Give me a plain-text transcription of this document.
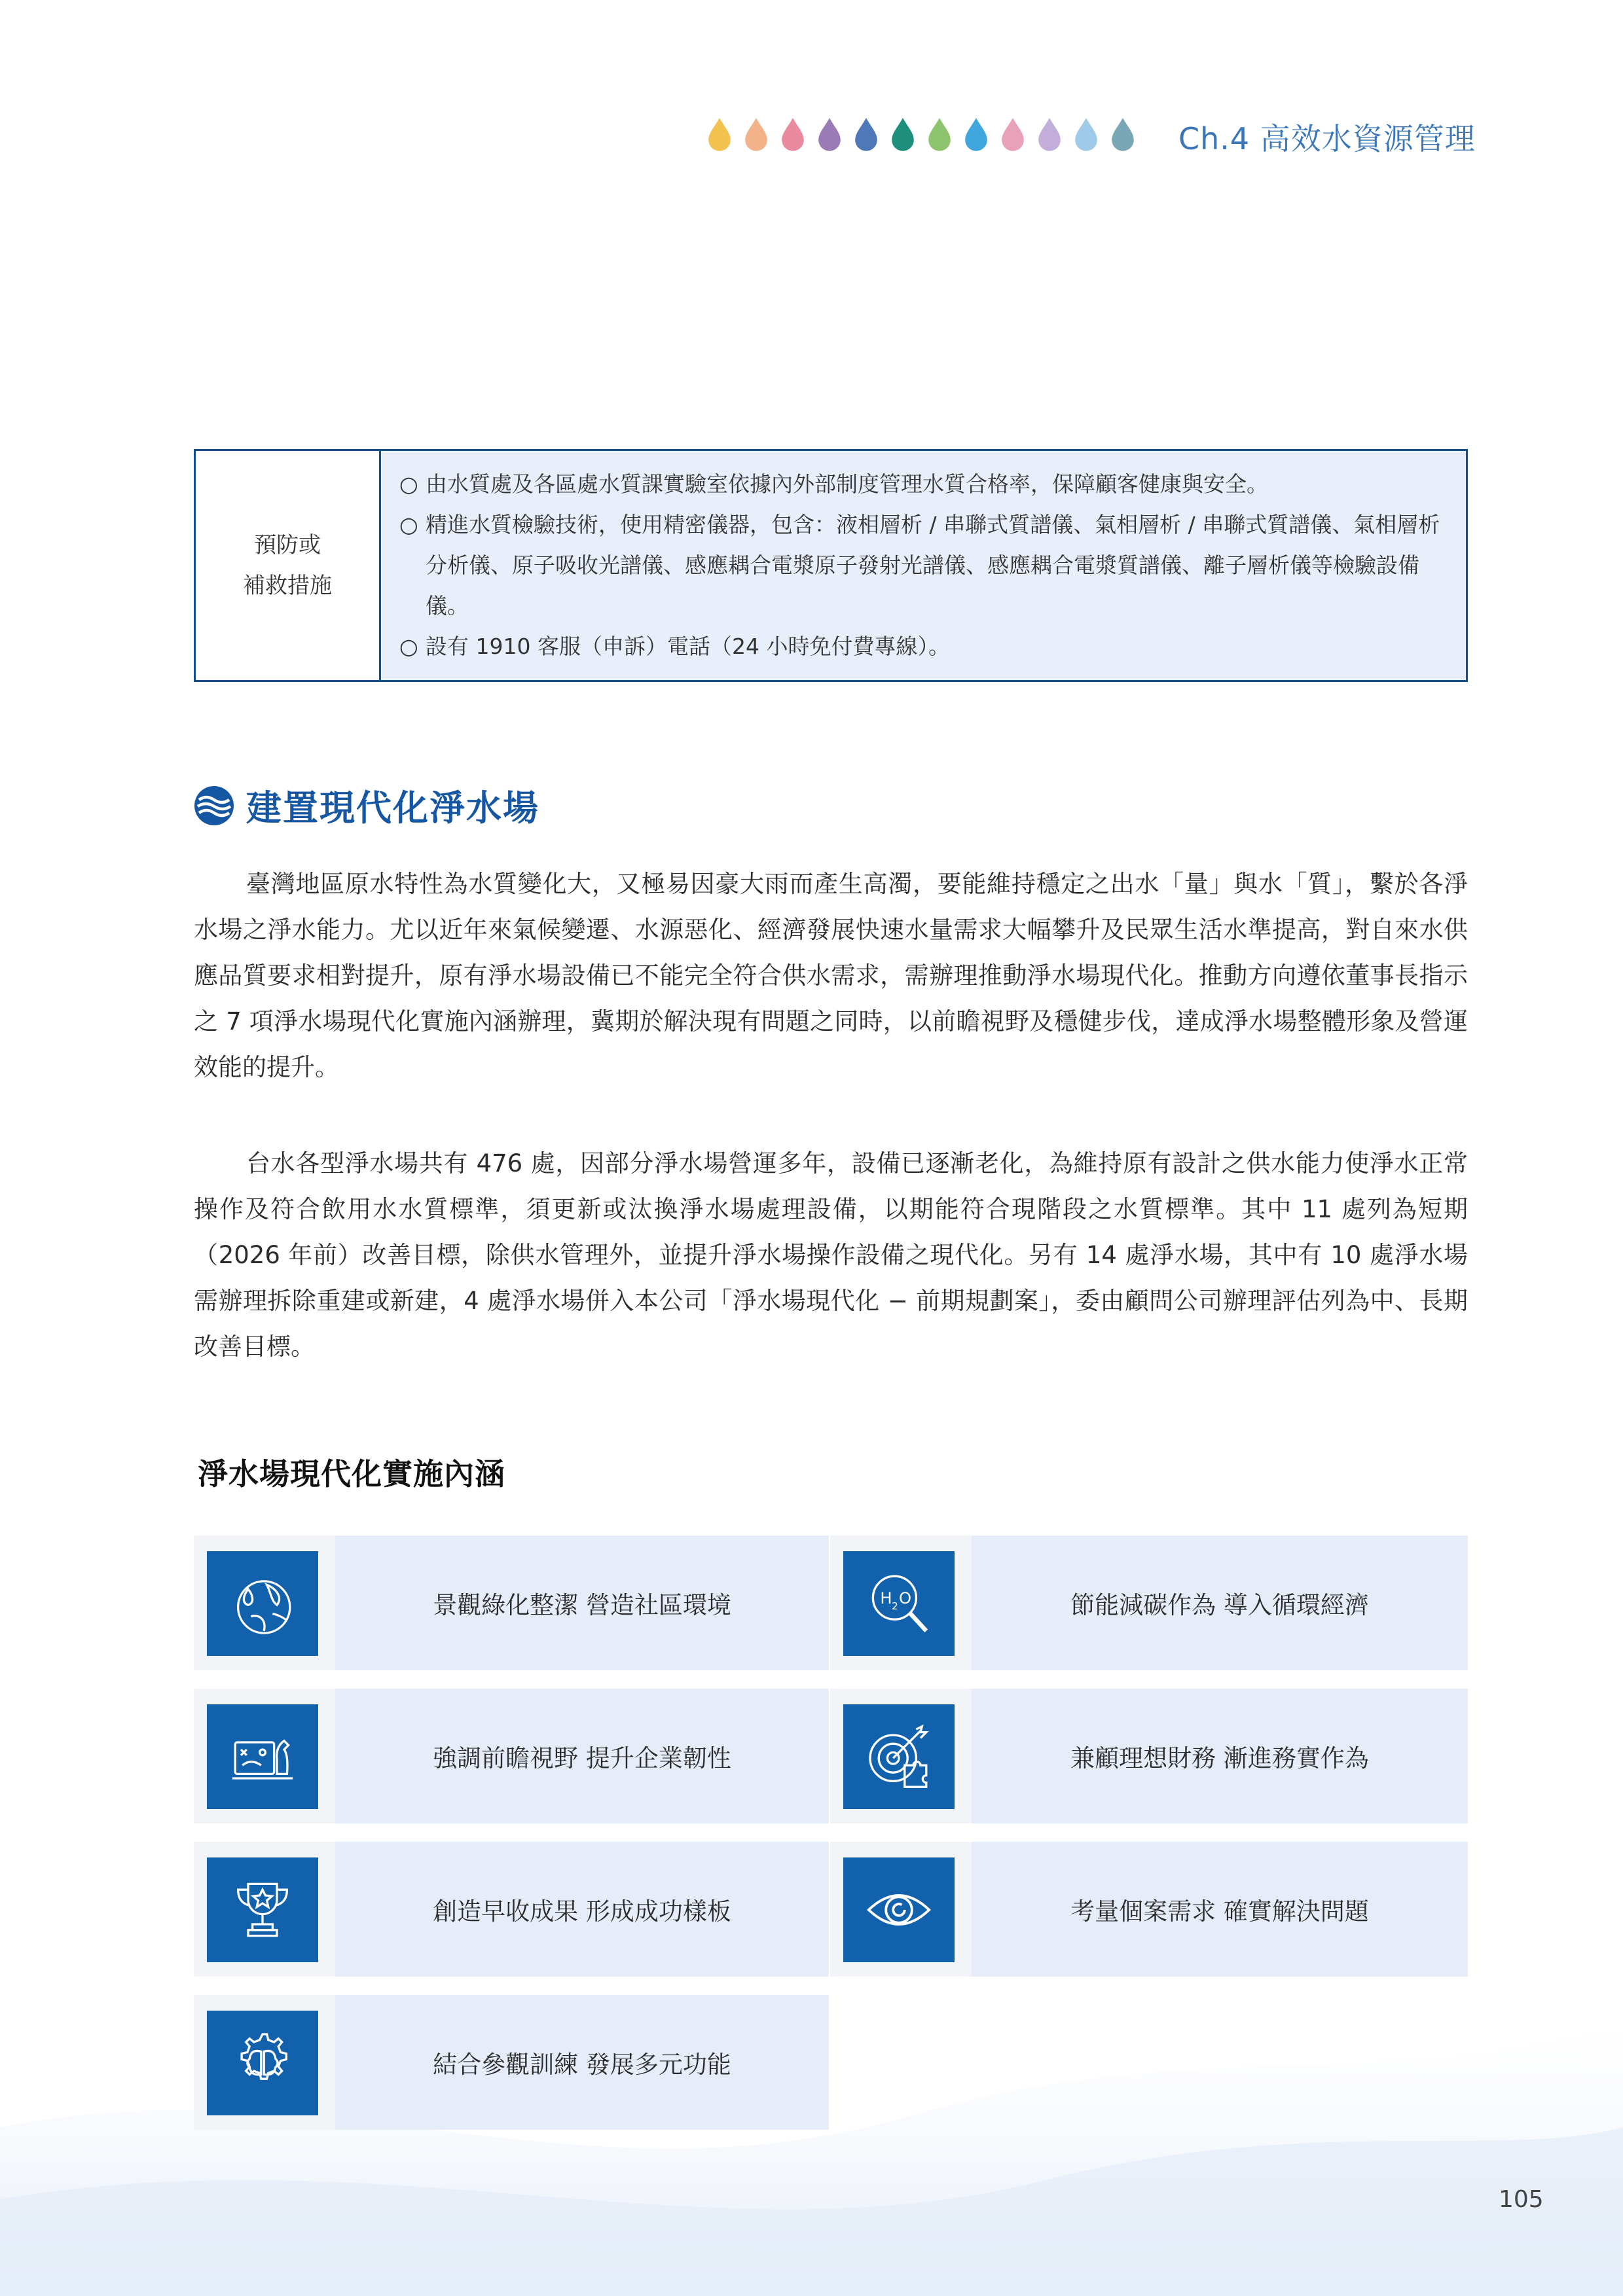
Ch.4 高效水資源管理
預防或
補救措施
○ 由水質處及各區處水質課實驗室依據內外部制度管理水質合格率，保障顧客健康與安全。
○ 精進水質檢驗技術，使用精密儀器，包含：液相層析 / 串聯式質譜儀、氣相層析 / 串聯式質譜儀、氣相層析分析儀、原子吸收光譜儀、感應耦合電漿原子發射光譜儀、感應耦合電漿質譜儀、離子層析儀等檢驗設備儀。
○ 設有 1910 客服（申訴）電話（24 小時免付費專線）。
建置現代化淨水場

臺灣地區原水特性為水質變化大，又極易因豪大雨而產生高濁，要能維持穩定之出水「量」與水「質」，繫於各淨水場之淨水能力。尤以近年來氣候變遷、水源惡化、經濟發展快速水量需求大幅攀升及民眾生活水準提高，對自來水供應品質要求相對提升，原有淨水場設備已不能完全符合供水需求，需辦理推動淨水場現代化。推動方向遵依董事長指示之 7 項淨水場現代化實施內涵辦理，冀期於解決現有問題之同時，以前瞻視野及穩健步伐，達成淨水場整體形象及營運效能的提升。

台水各型淨水場共有 476 處，因部分淨水場營運多年，設備已逐漸老化，為維持原有設計之供水能力使淨水正常操作及符合飲用水水質標準，須更新或汰換淨水場處理設備，以期能符合現階段之水質標準。其中 11 處列為短期（2026 年前）改善目標，除供水管理外，並提升淨水場操作設備之現代化。另有 14 處淨水場，其中有 10 處淨水場需辦理拆除重建或新建，4 處淨水場併入本公司「淨水場現代化 − 前期規劃案」，委由顧問公司辦理評估列為中、長期改善目標。

淨水場現代化實施內涵
景觀綠化整潔 營造社區環境	H 2 O	節能減碳作為 導入循環經濟
強調前瞻視野 提升企業韌性	兼顧理想財務 漸進務實作為
創造早收成果 形成成功樣板	考量個案需求 確實解決問題
結合參觀訓練 發展多元功能
105
